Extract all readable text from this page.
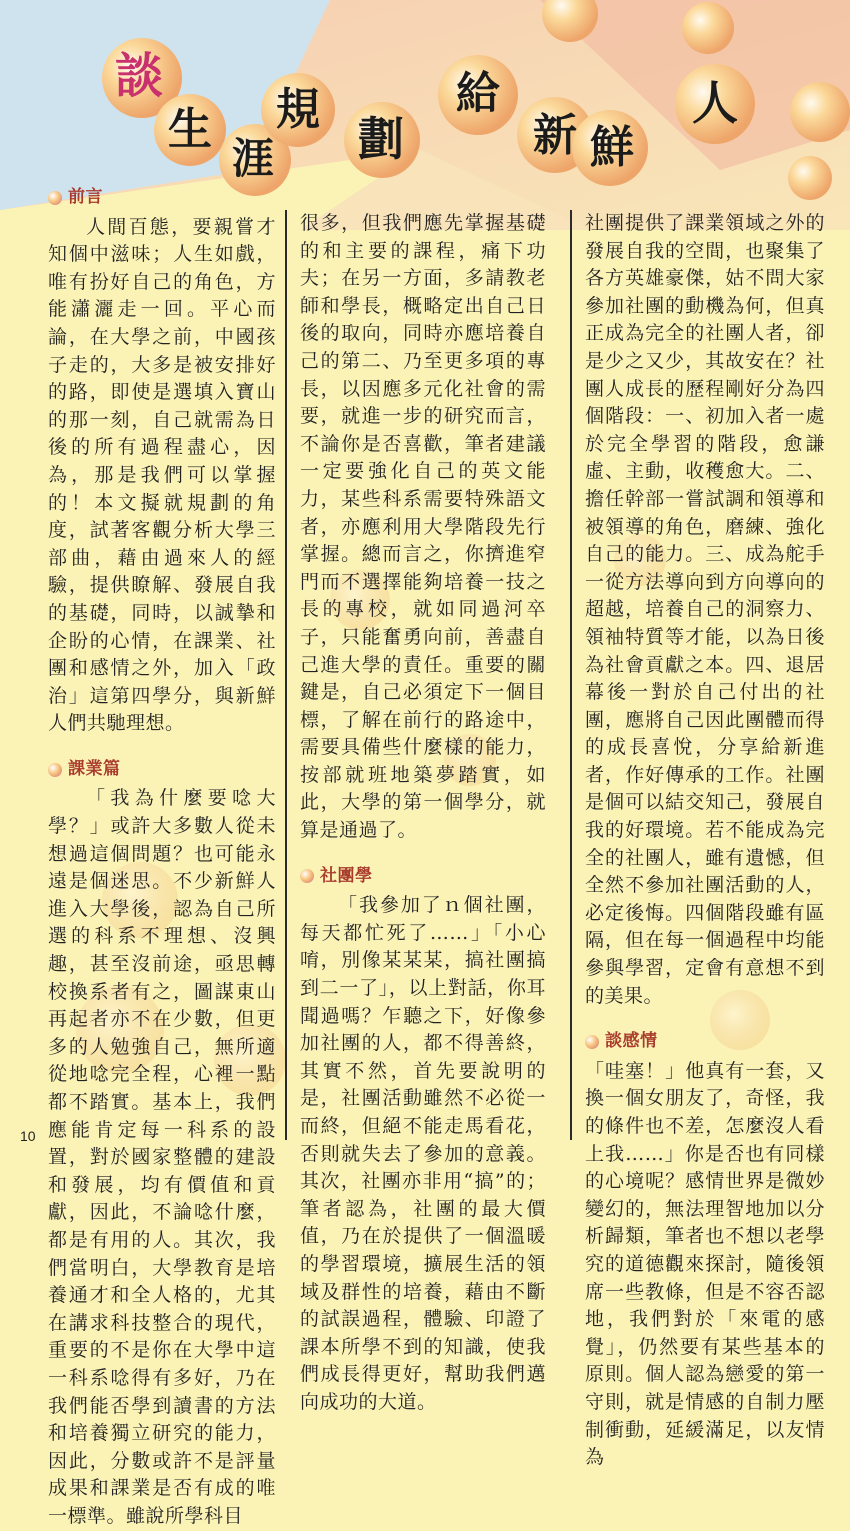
談
生
涯
規
劃
給
新 鮮
人
前言

人間百態，要親嘗才知個中滋味；人生如戲，唯有扮好自己的角色，方能瀟灑走一回。平心而論，在大學之前，中國孩子走的，大多是被安排好的路，即使是選填入寶山的那一刻，自己就需為日後的所有過程盡心，因為，那是我們可以掌握的！本文擬就規劃的角度，試著客觀分析大學三部曲，藉由過來人的經驗，提供瞭解、發展自我的基礎，同時，以誠摯和企盼的心情，在課業、社團和感情之外，加入「政治」這第四學分，與新鮮人們共馳理想。

課業篇

「我為什麼要唸大學？」或許大多數人從未想過這個問題？也可能永遠是個迷思。不少新鮮人進入大學後，認為自己所選的科系不理想、沒興趣，甚至沒前途，亟思轉校換系者有之，圖謀東山再起者亦不在少數，但更多的人勉強自己，無所適從地唸完全程，心裡一點都不踏實。基本上，我們應能肯定每一科系的設置，對於國家整體的建設和發展，均有價值和貢獻，因此，不論唸什麼，都是有用的人。其次，我們當明白，大學教育是培養通才和全人格的，尤其在講求科技整合的現代，重要的不是你在大學中這一科系唸得有多好，乃在我們能否學到讀書的方法和培養獨立研究的能力，因此，分數或許不是評量成果和課業是否有成的唯一標準。雖說所學科目

很多，但我們應先掌握基礎的和主要的課程，痛下功夫；在另一方面，多請教老師和學長，概略定出自己日後的取向，同時亦應培養自己的第二、乃至更多項的專長，以因應多元化社會的需要，就進一步的研究而言，不論你是否喜歡，筆者建議一定要強化自己的英文能力，某些科系需要特殊語文者，亦應利用大學階段先行掌握。總而言之，你擠進窄門而不選擇能夠培養一技之長的專校，就如同過河卒子，只能奮勇向前，善盡自己進大學的責任。重要的關鍵是，自己必須定下一個目標，了解在前行的路途中，需要具備些什麼樣的能力，按部就班地築夢踏實，如此，大學的第一個學分，就算是通過了。

社團學

「我參加了ｎ個社團，每天都忙死了……」「小心唷，別像某某某，搞社團搞到二一了」，以上對話，你耳聞過嗎？乍聽之下，好像參加社團的人，都不得善終，其實不然，首先要說明的是，社團活動雖然不必從一而終，但絕不能走馬看花，否則就失去了參加的意義。其次，社團亦非用“搞”的；筆者認為，社團的最大價值，乃在於提供了一個溫暖的學習環境，擴展生活的領域及群性的培養，藉由不斷的試誤過程，體驗、印證了課本所學不到的知識，使我們成長得更好，幫助我們邁向成功的大道。

社團提供了課業領域之外的發展自我的空間，也聚集了各方英雄豪傑，姑不問大家參加社團的動機為何，但真正成為完全的社團人者，卻是少之又少，其故安在？社團人成長的歷程剛好分為四個階段：一、初加入者一處於完全學習的階段，愈謙虛、主動，收穫愈大。二、擔任幹部一嘗試調和領導和被領導的角色，磨練、強化自己的能力。三、成為舵手一從方法導向到方向導向的超越，培養自己的洞察力、領袖特質等才能，以為日後為社會貢獻之本。四、退居幕後一對於自己付出的社團，應將自己因此團體而得的成長喜悅，分享給新進者，作好傳承的工作。社團是個可以結交知己，發展自我的好環境。若不能成為完全的社團人，雖有遺憾，但全然不參加社團活動的人，必定後悔。四個階段雖有區隔，但在每一個過程中均能參與學習，定會有意想不到的美果。

談感情

「哇塞！」他真有一套，又換一個女朋友了，奇怪，我的條件也不差，怎麼沒人看上我……」你是否也有同樣的心境呢？感情世界是微妙變幻的，無法理智地加以分析歸類，筆者也不想以老學究的道德觀來探討，隨後領席一些教條，但是不容否認地，我們對於「來電的感覺」，仍然要有某些基本的原則。個人認為戀愛的第一守則，就是情感的自制力壓制衝動，延緩滿足，以友情為

10
